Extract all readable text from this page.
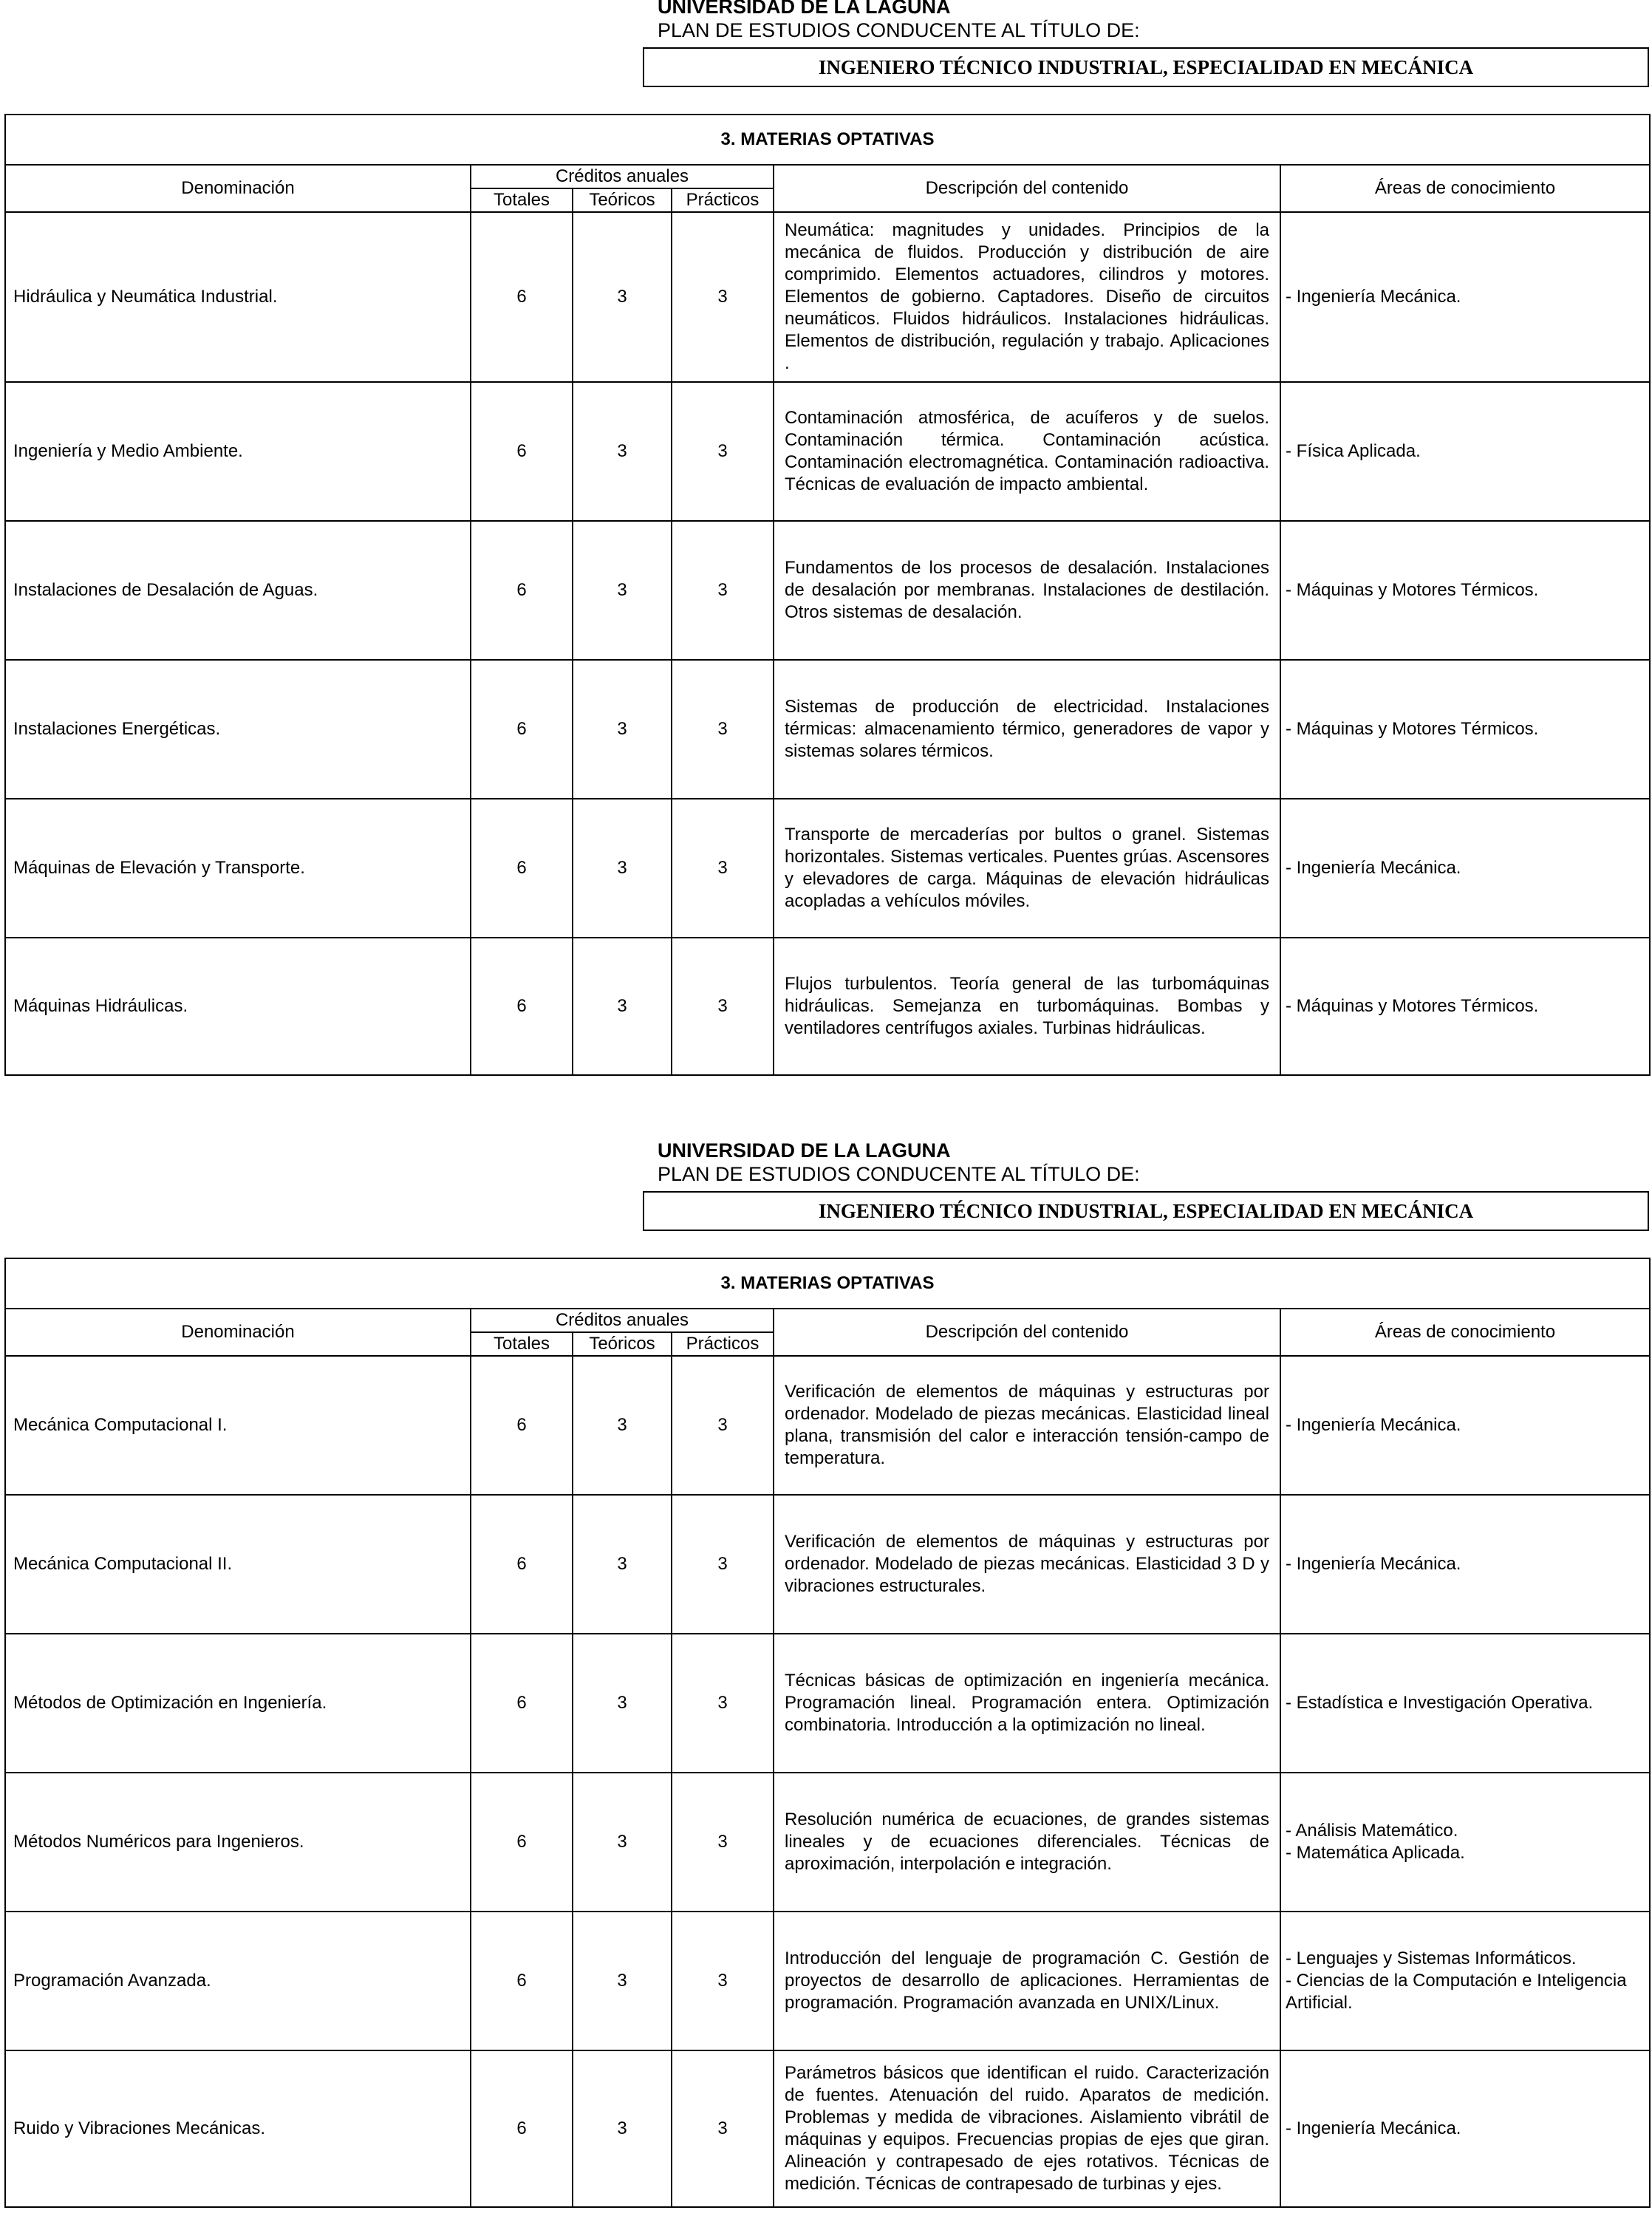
UNIVERSIDAD DE LA LAGUNA
PLAN DE ESTUDIOS CONDUCENTE AL TÍTULO DE:
INGENIERO TÉCNICO INDUSTRIAL, ESPECIALIDAD EN MECÁNICA
3. MATERIAS OPTATIVAS					
Denominación	Créditos anuales			Descripción del contenido	Áreas de conocimiento
	Totales	Teóricos	Prácticos		
Hidráulica y Neumática Industrial.	6	3	3	Neumática: magnitudes y unidades. Principios de la mecánica de fluidos. Producción y distribución de aire comprimido. Elementos actuadores, cilindros y motores. Elementos de gobierno. Captadores. Diseño de circuitos neumáticos. Fluidos hidráulicos. Instalaciones hidráulicas. Elementos de distribución, regulación y trabajo. Aplicaciones .	- Ingeniería Mecánica.

Ingeniería y Medio Ambiente.	6	3	3	Contaminación atmosférica, de acuíferos y de suelos. Contaminación térmica. Contaminación acústica. Contaminación electromagnética. Contaminación radioactiva. Técnicas de evaluación de impacto ambiental.	- Física Aplicada.

Instalaciones de Desalación de Aguas.	6	3	3	Fundamentos de los procesos de desalación. Instalaciones de desalación por membranas. Instalaciones de destilación. Otros sistemas de desalación.	- Máquinas y Motores Térmicos.

Instalaciones Energéticas.	6	3	3	Sistemas de producción de electricidad. Instalaciones térmicas: almacenamiento térmico, generadores de vapor y sistemas solares térmicos.	- Máquinas y Motores Térmicos.

Máquinas de Elevación y Transporte.	6	3	3	Transporte de mercaderías por bultos o granel. Sistemas horizontales. Sistemas verticales. Puentes grúas. Ascensores y elevadores de carga. Máquinas de elevación hidráulicas acopladas a vehículos móviles.	- Ingeniería Mecánica.

Máquinas Hidráulicas.	6	3	3	Flujos turbulentos. Teoría general de las turbomáquinas hidráulicas. Semejanza en turbomáquinas. Bombas y ventiladores centrífugos axiales. Turbinas hidráulicas.	- Máquinas y Motores Térmicos.
UNIVERSIDAD DE LA LAGUNA
PLAN DE ESTUDIOS CONDUCENTE AL TÍTULO DE:
INGENIERO TÉCNICO INDUSTRIAL, ESPECIALIDAD EN MECÁNICA
3. MATERIAS OPTATIVAS					
Denominación	Créditos anuales			Descripción del contenido	Áreas de conocimiento
	Totales	Teóricos	Prácticos		
Mecánica Computacional I.	6	3	3	Verificación de elementos de máquinas y estructuras por ordenador. Modelado de piezas mecánicas. Elasticidad lineal plana, transmisión del calor e interacción tensión-campo de temperatura.	- Ingeniería Mecánica.

Mecánica Computacional II.	6	3	3	Verificación de elementos de máquinas y estructuras por ordenador. Modelado de piezas mecánicas. Elasticidad 3 D y vibraciones estructurales.	- Ingeniería Mecánica.

Métodos de Optimización en Ingeniería.	6	3	3	Técnicas básicas de optimización en ingeniería mecánica. Programación lineal. Programación entera. Optimización combinatoria. Introducción a la optimización no lineal.	- Estadística e Investigación Operativa.

Métodos Numéricos para Ingenieros.	6	3	3	Resolución numérica de ecuaciones, de grandes sistemas lineales y de ecuaciones diferenciales. Técnicas de aproximación, interpolación e integración.	- Análisis Matemático.
- Matemática Aplicada.

Programación Avanzada.	6	3	3	Introducción del lenguaje de programación C. Gestión de proyectos de desarrollo de aplicaciones. Herramientas de programación. Programación avanzada en UNIX/Linux.	- Lenguajes y Sistemas Informáticos.
- Ciencias de la Computación e Inteligencia Artificial.

Ruido y Vibraciones Mecánicas.	6	3	3	Parámetros básicos que identifican el ruido. Caracterización de fuentes. Atenuación del ruido. Aparatos de medición. Problemas y medida de vibraciones. Aislamiento vibrátil de máquinas y equipos. Frecuencias propias de ejes que giran. Alineación y contrapesado de ejes rotativos. Técnicas de medición. Técnicas de contrapesado de turbinas y ejes.	- Ingeniería Mecánica.
